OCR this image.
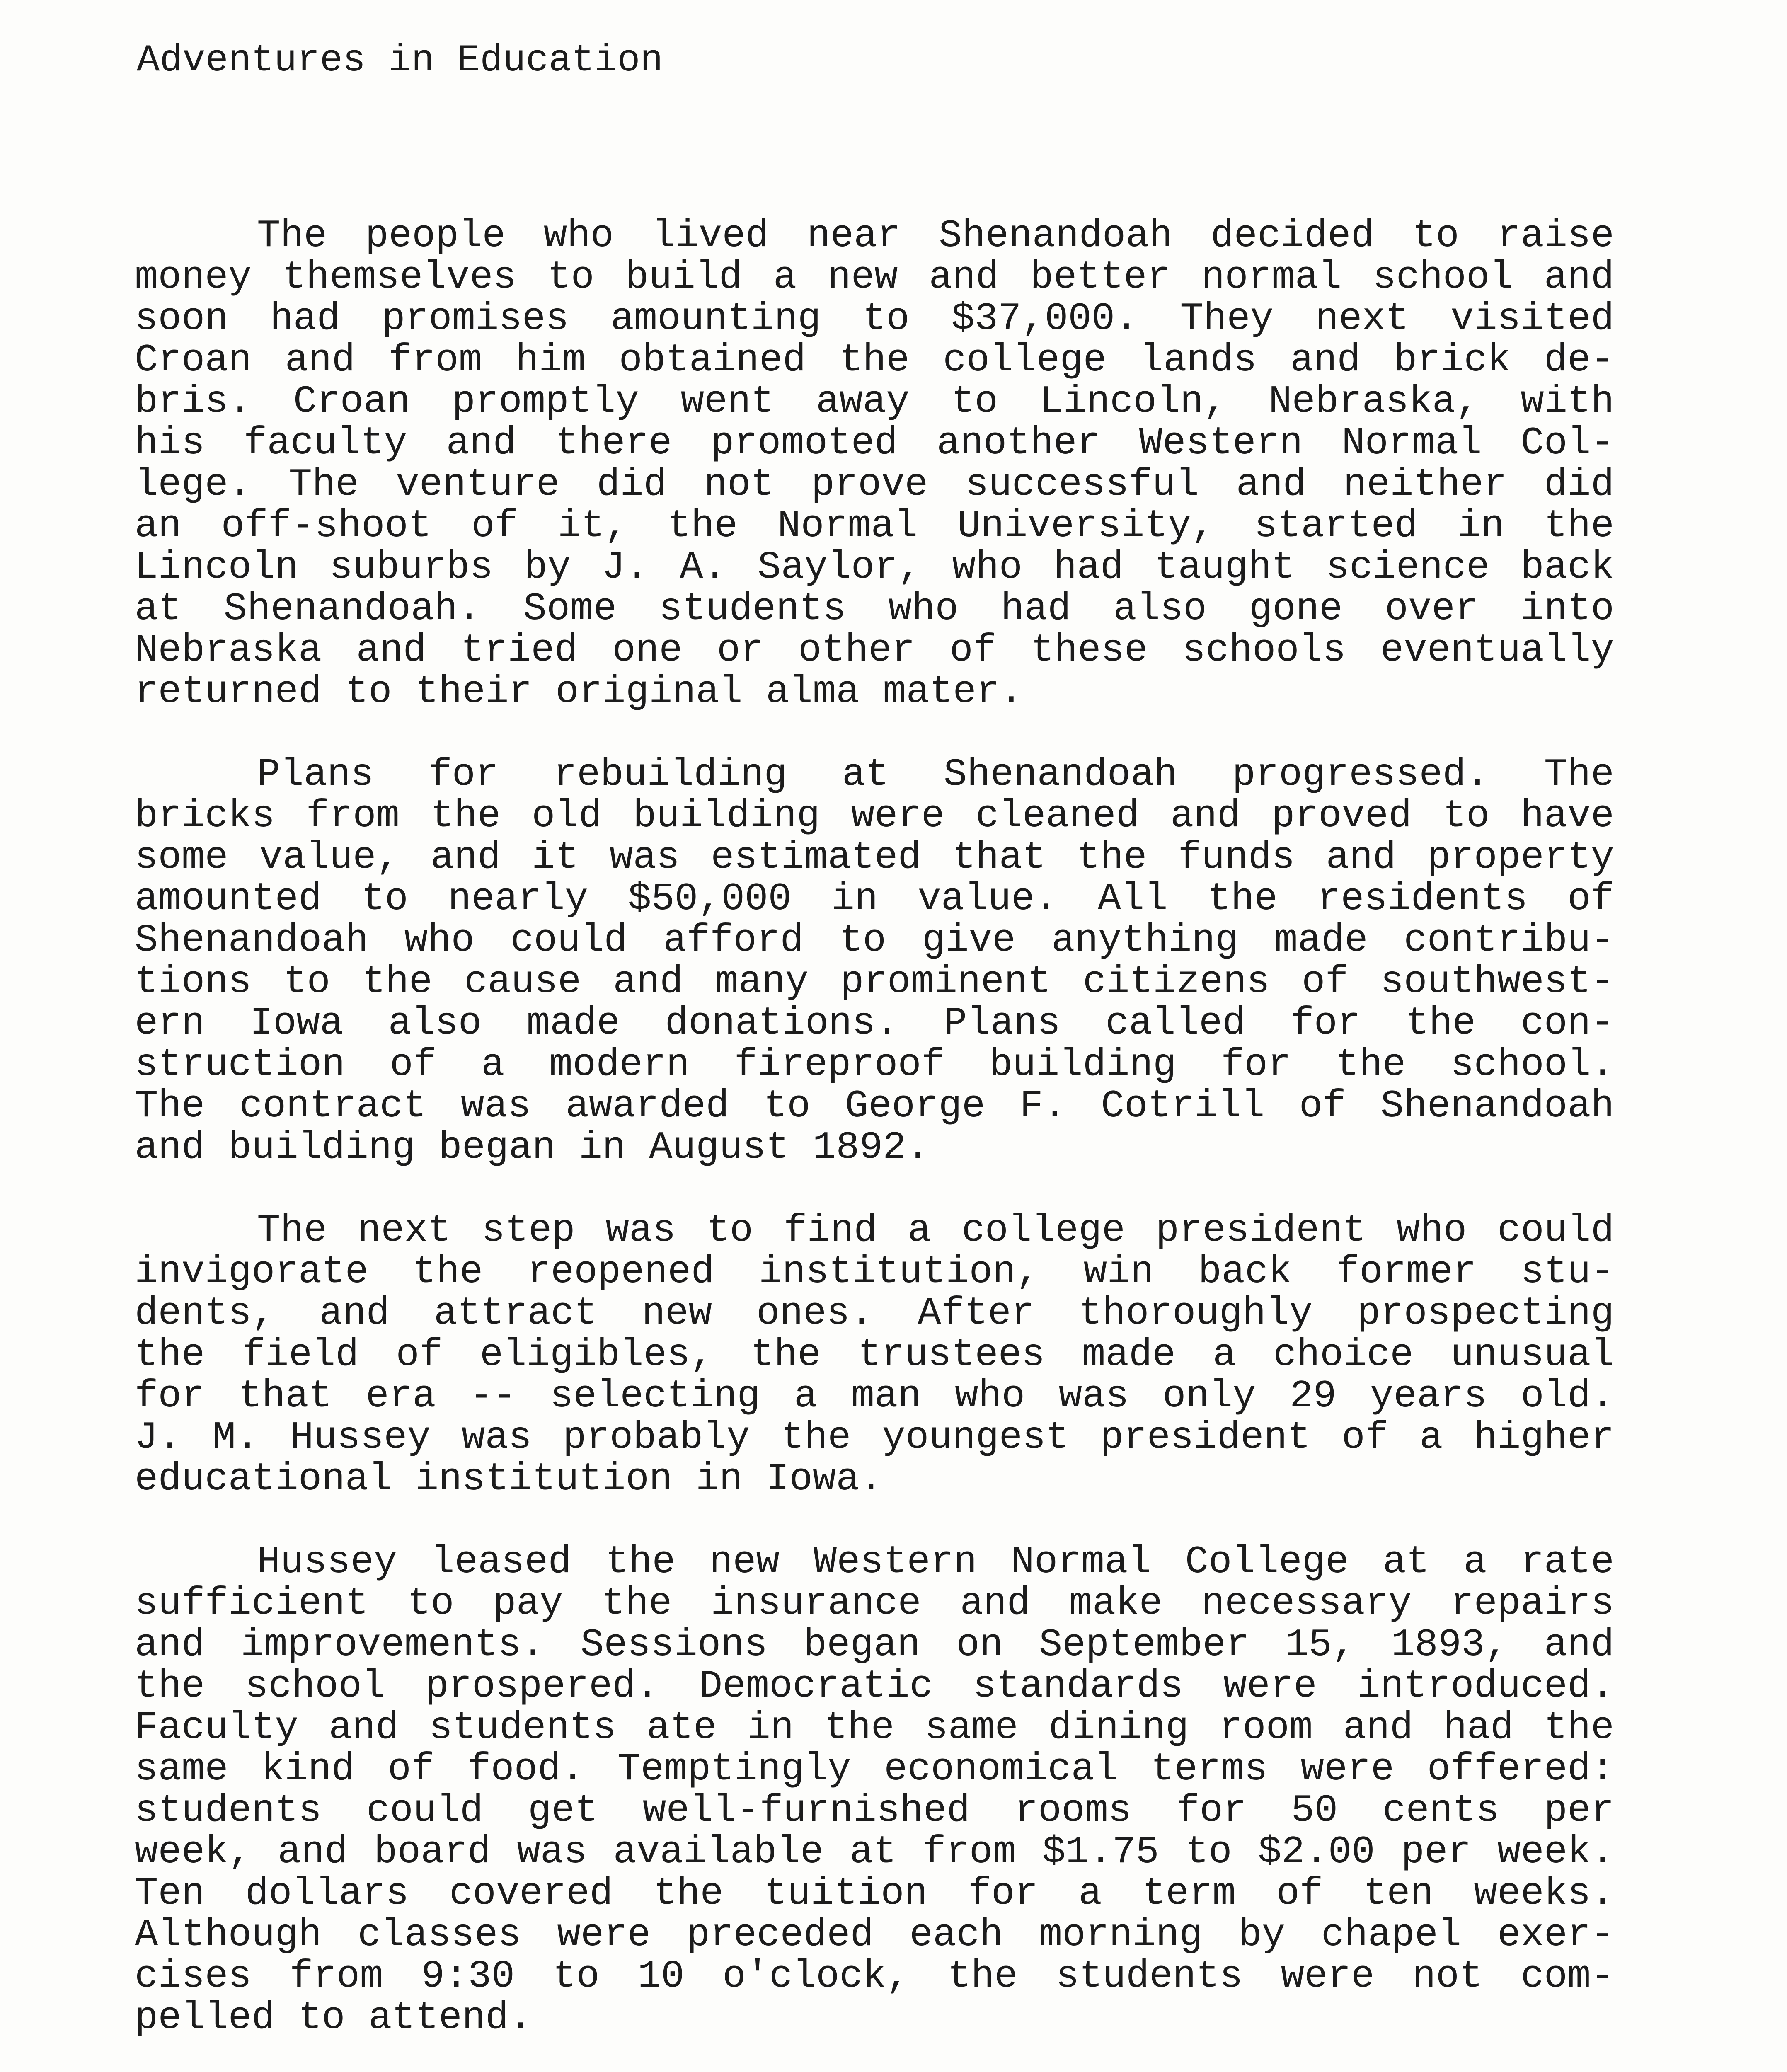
Adventures in Education
The people who lived near Shenandoah decided to raise
money themselves to build a new and better normal school and
soon had promises amounting to $37,000. They next visited
Croan and from him obtained the college lands and brick de-
bris. Croan promptly went away to Lincoln, Nebraska, with
his faculty and there promoted another Western Normal Col-
lege. The venture did not prove successful and neither did
an off-shoot of it, the Normal University, started in the
Lincoln suburbs by J. A. Saylor, who had taught science back
at Shenandoah. Some students who had also gone over into
Nebraska and tried one or other of these schools eventually
returned to their original alma mater.
Plans for rebuilding at Shenandoah progressed. The
bricks from the old building were cleaned and proved to have
some value, and it was estimated that the funds and property
amounted to nearly $50,000 in value. All the residents of
Shenandoah who could afford to give anything made contribu-
tions to the cause and many prominent citizens of southwest-
ern Iowa also made donations. Plans called for the con-
struction of a modern fireproof building for the school.
The contract was awarded to George F. Cotrill of Shenandoah
and building began in August 1892.
The next step was to find a college president who could
invigorate the reopened institution, win back former stu-
dents, and attract new ones. After thoroughly prospecting
the field of eligibles, the trustees made a choice unusual
for that era -- selecting a man who was only 29 years old.
J. M. Hussey was probably the youngest president of a higher
educational institution in Iowa.
Hussey leased the new Western Normal College at a rate
sufficient to pay the insurance and make necessary repairs
and improvements. Sessions began on September 15, 1893, and
the school prospered. Democratic standards were introduced.
Faculty and students ate in the same dining room and had the
same kind of food. Temptingly economical terms were offered:
students could get well-furnished rooms for 50 cents per
week, and board was available at from $1.75 to $2.00 per week.
Ten dollars covered the tuition for a term of ten weeks.
Although classes were preceded each morning by chapel exer-
cises from 9:30 to 10 o'clock, the students were not com-
pelled to attend.
